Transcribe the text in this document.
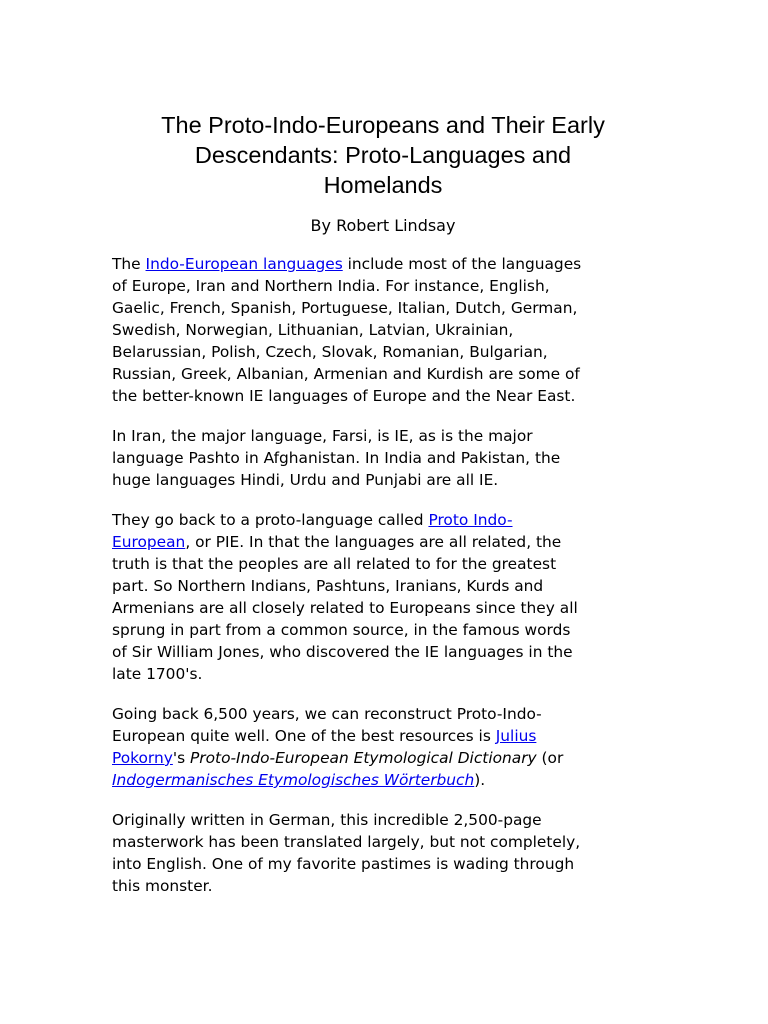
The Proto-Indo-Europeans and Their Early
Descendants: Proto-Languages and
Homelands
By Robert Lindsay

The Indo-European languages include most of the languages
of Europe, Iran and Northern India. For instance, English,
Gaelic, French, Spanish, Portuguese, Italian, Dutch, German,
Swedish, Norwegian, Lithuanian, Latvian, Ukrainian,
Belarussian, Polish, Czech, Slovak, Romanian, Bulgarian,
Russian, Greek, Albanian, Armenian and Kurdish are some of
the better-known IE languages of Europe and the Near East.

In Iran, the major language, Farsi, is IE, as is the major
language Pashto in Afghanistan. In India and Pakistan, the
huge languages Hindi, Urdu and Punjabi are all IE.

They go back to a proto-language called Proto Indo-
European, or PIE. In that the languages are all related, the
truth is that the peoples are all related to for the greatest
part. So Northern Indians, Pashtuns, Iranians, Kurds and
Armenians are all closely related to Europeans since they all
sprung in part from a common source, in the famous words
of Sir William Jones, who discovered the IE languages in the
late 1700's.

Going back 6,500 years, we can reconstruct Proto-Indo-
European quite well. One of the best resources is Julius
Pokorny's Proto-Indo-European Etymological Dictionary (or
Indogermanisches Etymologisches Wörterbuch).

Originally written in German, this incredible 2,500-page
masterwork has been translated largely, but not completely,
into English. One of my favorite pastimes is wading through
this monster.
